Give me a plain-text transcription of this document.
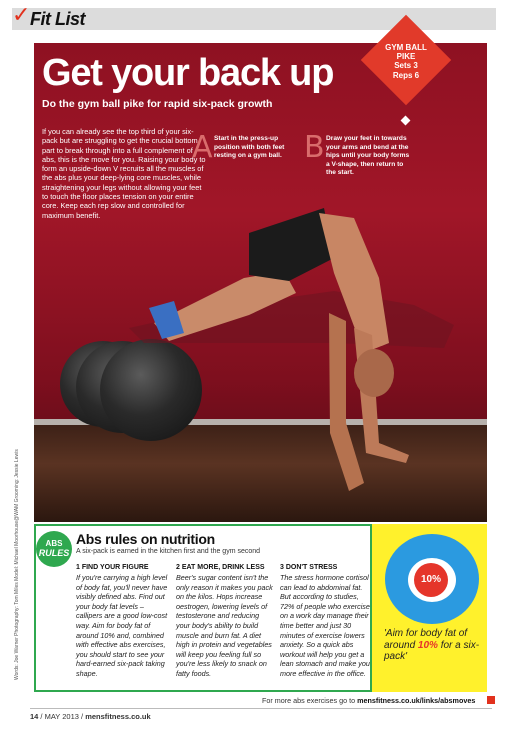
✓ Fit List
Get your back up
Do the gym ball pike for rapid six-pack growth
If you can already see the top third of your six-pack but are struggling to get the crucial bottom part to break through into a full complement of abs, this is the move for you. Raising your body to form an upside-down V recruits all the muscles of the abs plus your deep-lying core muscles, while straightening your legs without allowing your feet to touch the floor places tension on your entire core. Keep each rep slow and controlled for maximum benefit.
A Start in the press-up position with both feet resting on a gym ball. B Draw your feet in towards your arms and bend at the hips until your body forms a V-shape, then return to the start.
GYM BALL
PIKE
Sets 3
Reps 6
Words: Joe Warner Photography: Tom Miles Model: Michael Moorhouse@WAM Grooming: Jessie Lewis	ABS
RULES
Abs rules on nutrition
A six-pack is earned in the kitchen first and the gym second
1 FIND YOUR FIGURE
If you're carrying a high level of body fat, you'll never have visibly defined abs. Find out your body fat levels – callipers are a good low-cost way. Aim for body fat of around 10% and, combined with effective abs exercises, you should start to see your hard-earned six-pack taking shape.
2 EAT MORE, DRINK LESS
Beer's sugar content isn't the only reason it makes you pack on the kilos. Hops increase oestrogen, lowering levels of testosterone and reducing your body's ability to build muscle and burn fat. A diet high in protein and vegetables will keep you feeling full so you're less likely to snack on fatty foods.
3 DON'T STRESS
The stress hormone cortisol can lead to abdominal fat. But according to studies, 72% of people who exercise on a work day manage their time better and just 30 minutes of exercise lowers anxiety. So a quick abs workout will help you get a lean stomach and make you more effective in the office.
10%
'Aim for body fat of around 10% for a six-pack'
For more abs exercises go to mensfitness.co.uk/links/absmoves
14 / MAY 2013 / mensfitness.co.uk
